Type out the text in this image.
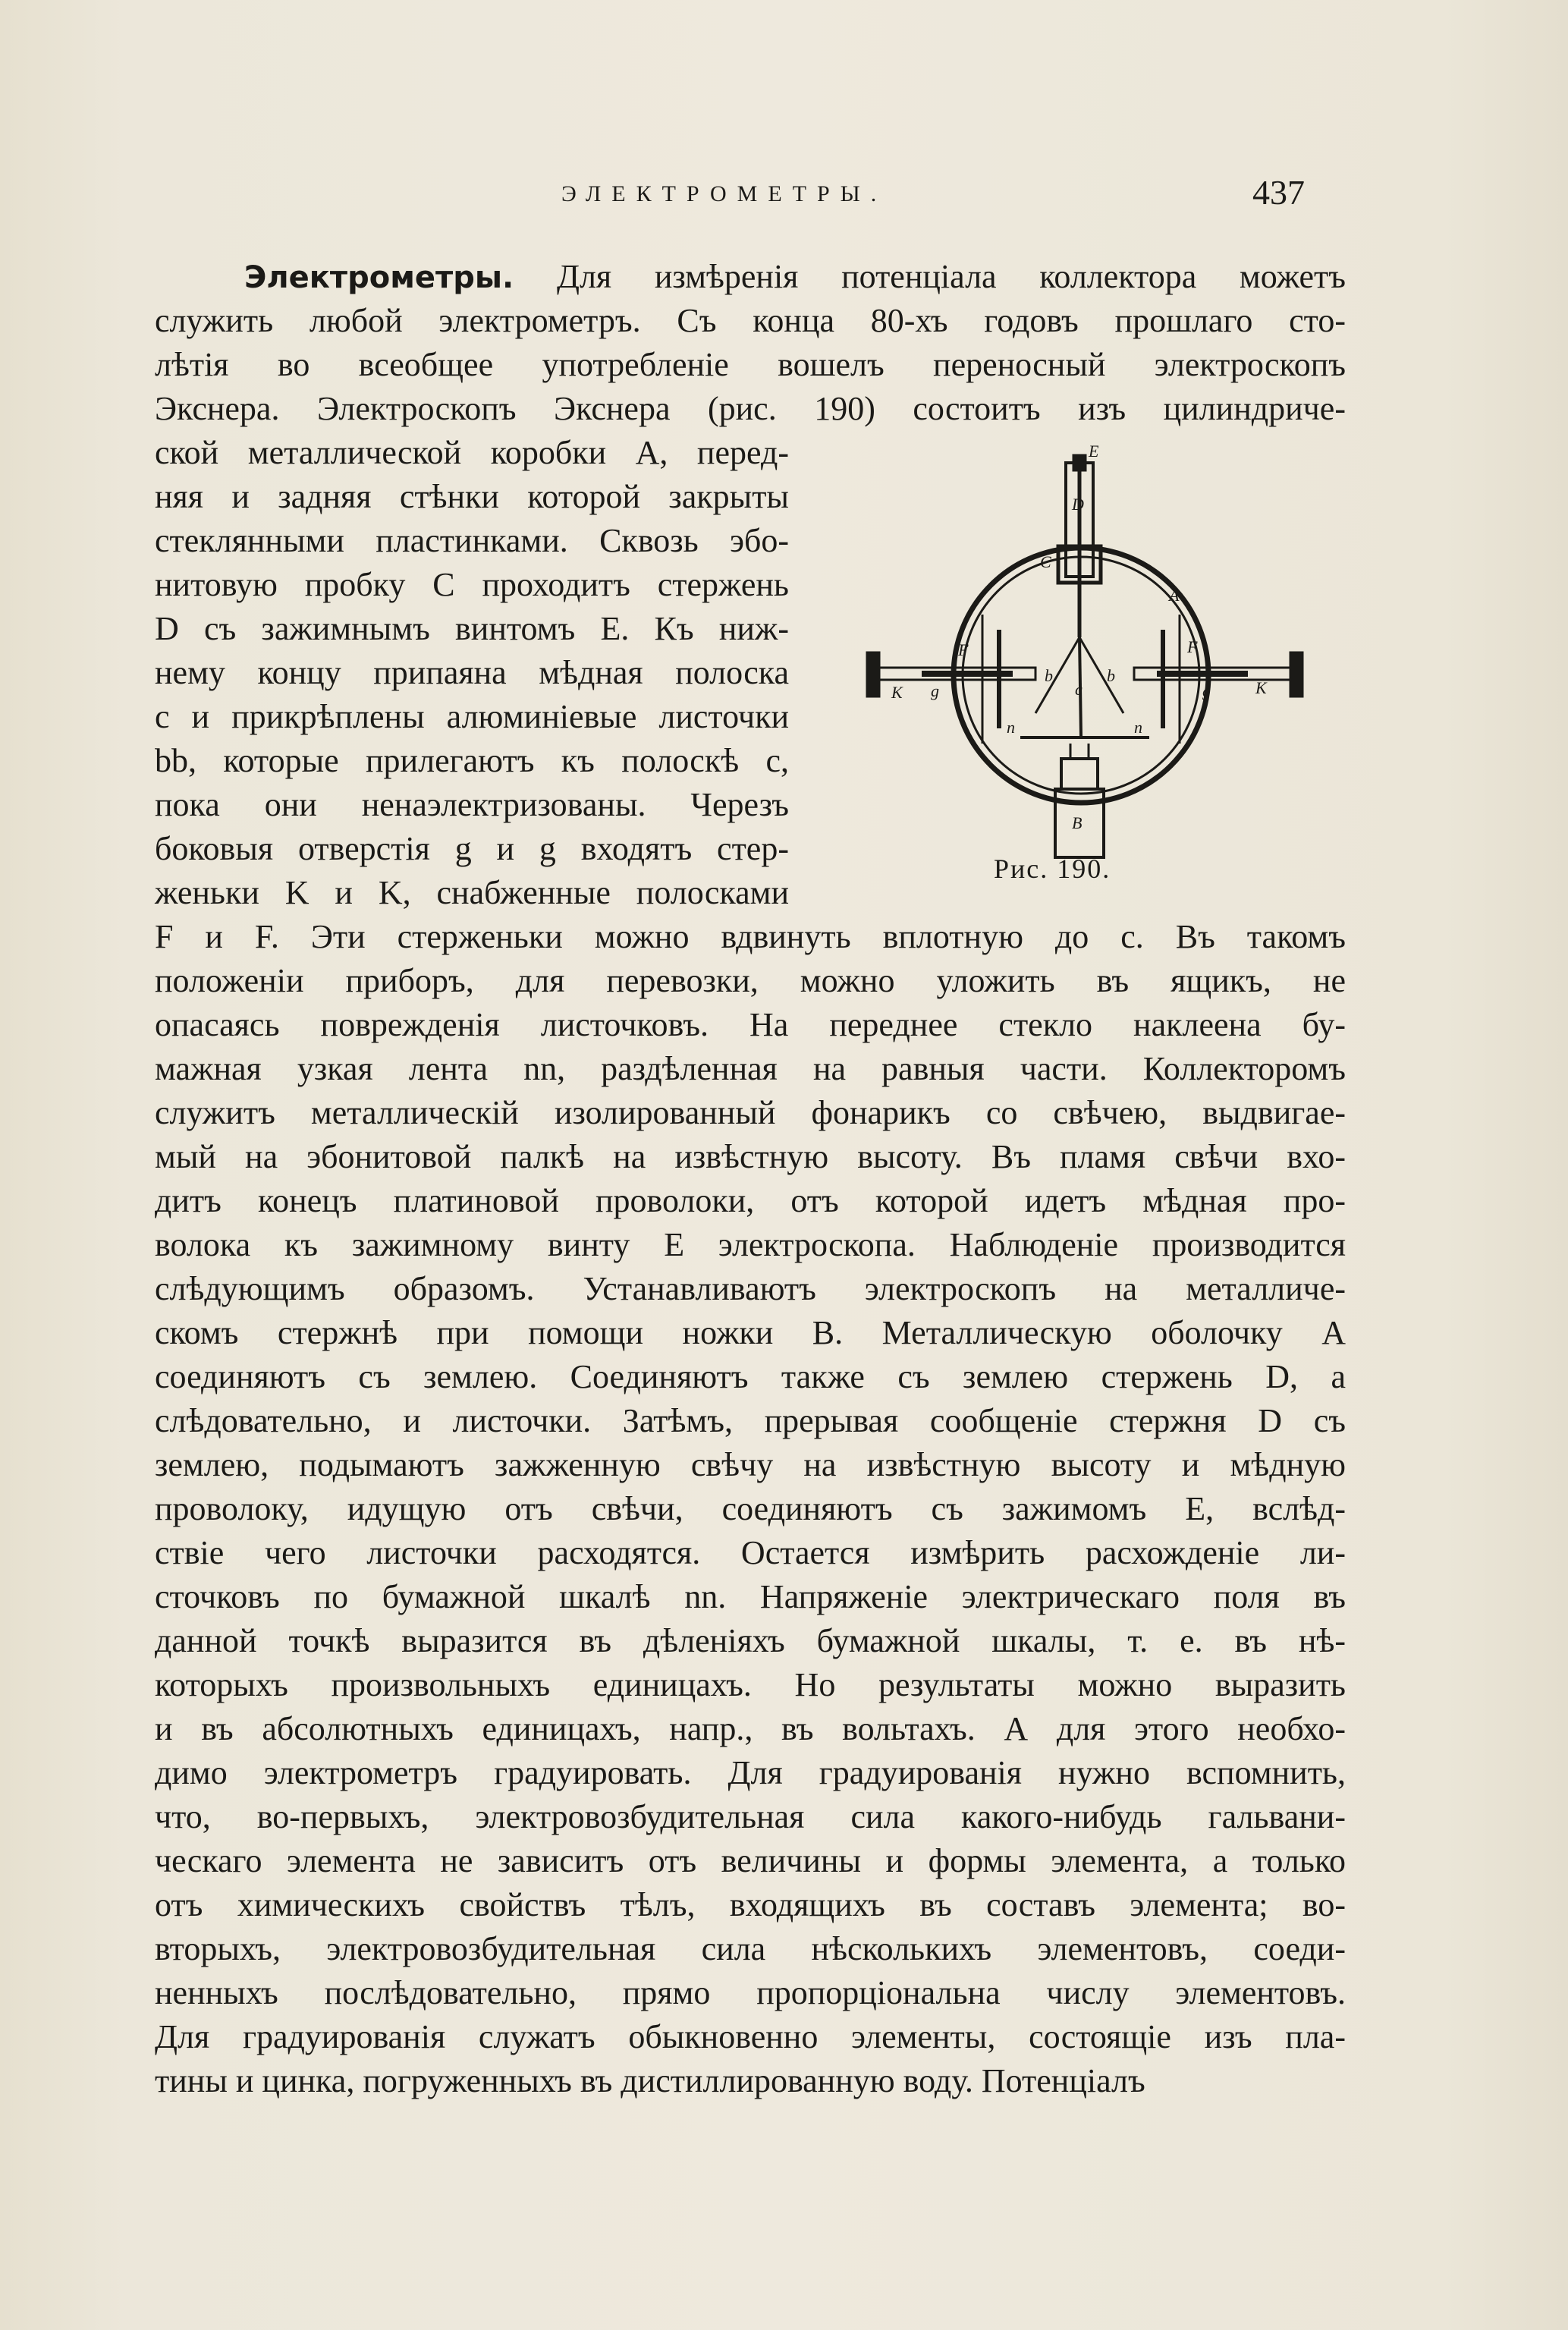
ЭЛЕКТРОМЕТРЫ.	437
Электрометры. Для измѣренія потенціала коллектора можетъ
служить любой электрометръ. Съ конца 80-хъ годовъ прошлаго сто-
лѣтія во всеобщее употребленіе вошелъ переносный электроскопъ
Экснера. Электроскопъ Экснера (рис. 190) состоитъ изъ цилиндриче-
ской металлической коробки A, перед-
няя и задняя стѣнки которой закрыты
стеклянными пластинками. Сквозь эбо-
нитовую пробку C проходитъ стержень
D съ зажимнымъ винтомъ E. Къ ниж-
нему концу припаяна мѣдная полоска
c и прикрѣплены алюминіевые листочки
bb, которые прилегаютъ къ полоскѣ c,
пока они ненаэлектризованы. Черезъ
боковыя отверстія g и g входятъ стер-
женьки K и K, снабженные полосками
E
D
C
A
F	F
b	b
c
g	g
K	K
n	n
B
Рис. 190.
F и F. Эти стерженьки можно вдвинуть вплотную до c. Въ такомъ
положеніи приборъ, для перевозки, можно уложить въ ящикъ, не
опасаясь поврежденія листочковъ. На переднее стекло наклеена бу-
мажная узкая лента nn, раздѣленная на равныя части. Коллекторомъ
служитъ металлическій изолированный фонарикъ со свѣчею, выдвигае-
мый на эбонитовой палкѣ на извѣстную высоту. Въ пламя свѣчи вхо-
дитъ конецъ платиновой проволоки, отъ которой идетъ мѣдная про-
волока къ зажимному винту E электроскопа. Наблюденіе производится
слѣдующимъ образомъ. Устанавливаютъ электроскопъ на металличе-
скомъ стержнѣ при помощи ножки B. Металлическую оболочку A
соединяютъ съ землею. Соединяютъ также съ землею стержень D, а
слѣдовательно, и листочки. Затѣмъ, прерывая сообщеніе стержня D съ
землею, подымаютъ зажженную свѣчу на извѣстную высоту и мѣдную
проволоку, идущую отъ свѣчи, соединяютъ съ зажимомъ E, вслѣд-
ствіе чего листочки расходятся. Остается измѣрить расхожденіе ли-
сточковъ по бумажной шкалѣ nn. Напряженіе электрическаго поля въ
данной точкѣ выразится въ дѣленіяхъ бумажной шкалы, т. е. въ нѣ-
которыхъ произвольныхъ единицахъ. Но результаты можно выразить
и въ абсолютныхъ единицахъ, напр., въ вольтахъ. А для этого необхо-
димо электрометръ градуировать. Для градуированія нужно вспомнить,
что, во-первыхъ, электровозбудительная сила какого-нибудь гальвани-
ческаго элемента не зависитъ отъ величины и формы элемента, а только
отъ химическихъ свойствъ тѣлъ, входящихъ въ составъ элемента; во-
вторыхъ, электровозбудительная сила нѣсколькихъ элементовъ, соеди-
ненныхъ послѣдовательно, прямо пропорціональна числу элементовъ.
Для градуированія служатъ обыкновенно элементы, состоящіе изъ пла-
тины и цинка, погруженныхъ въ дистиллированную воду. Потенціалъ
